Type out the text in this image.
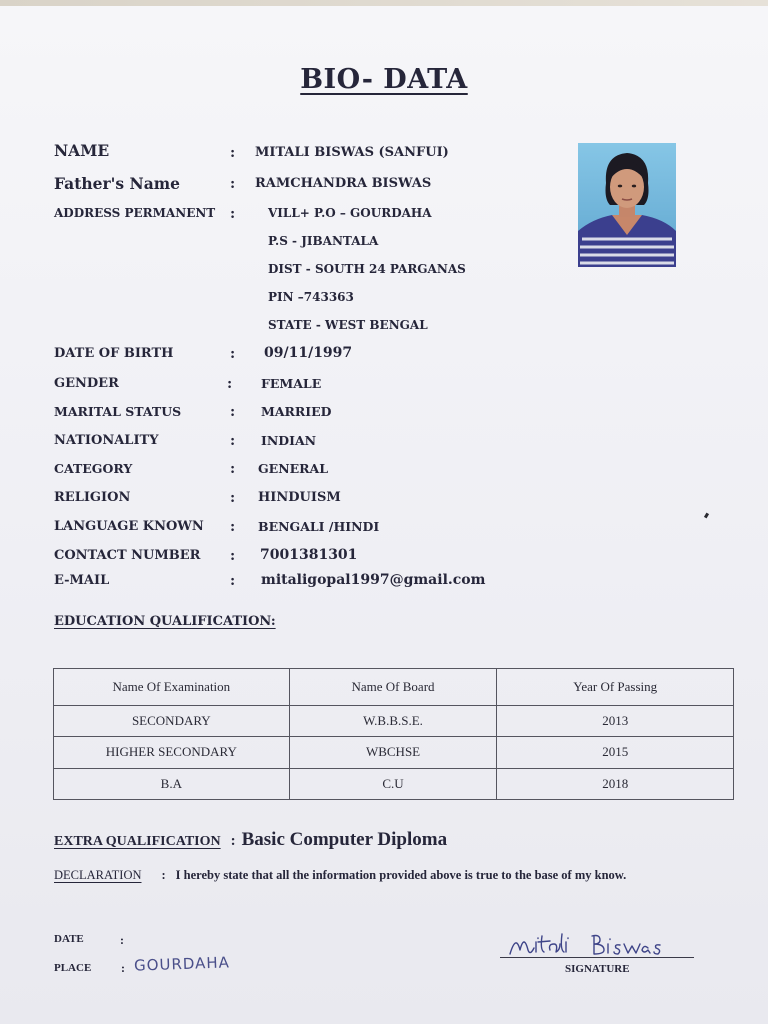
BIO- DATA
NAME	: MITALI BISWAS (SANFUI)
Father's Name	: RAMCHANDRA BISWAS
ADDRESS PERMANENT :	VILL+ P.O – GOURDAHA
P.S - JIBANTALA
DIST - SOUTH 24 PARGANAS
PIN –743363
STATE - WEST BENGAL
DATE OF BIRTH	: 09/11/1997
GENDER	: FEMALE
MARITAL STATUS	: MARRIED
NATIONALITY	: INDIAN
CATEGORY	: GENERAL
RELIGION	: HINDUISM
LANGUAGE KNOWN : BENGALI /HINDI
CONTACT NUMBER : 7001381301
E-MAIL	: mitaligopal1997@gmail.com
EDUCATION QUALIFICATION:
Name Of Examination	Name Of Board	Year Of Passing
SECONDARY	W.B.B.S.E.	2013
HIGHER SECONDARY	WBCHSE	2015
B.A	C.U	2018
EXTRA QUALIFICATION : Basic Computer Diploma
DECLARATION : I hereby state that all the information provided above is true to the base of my know.
DATE	:
PLACE : GOURDAHA	SIGNATURE
